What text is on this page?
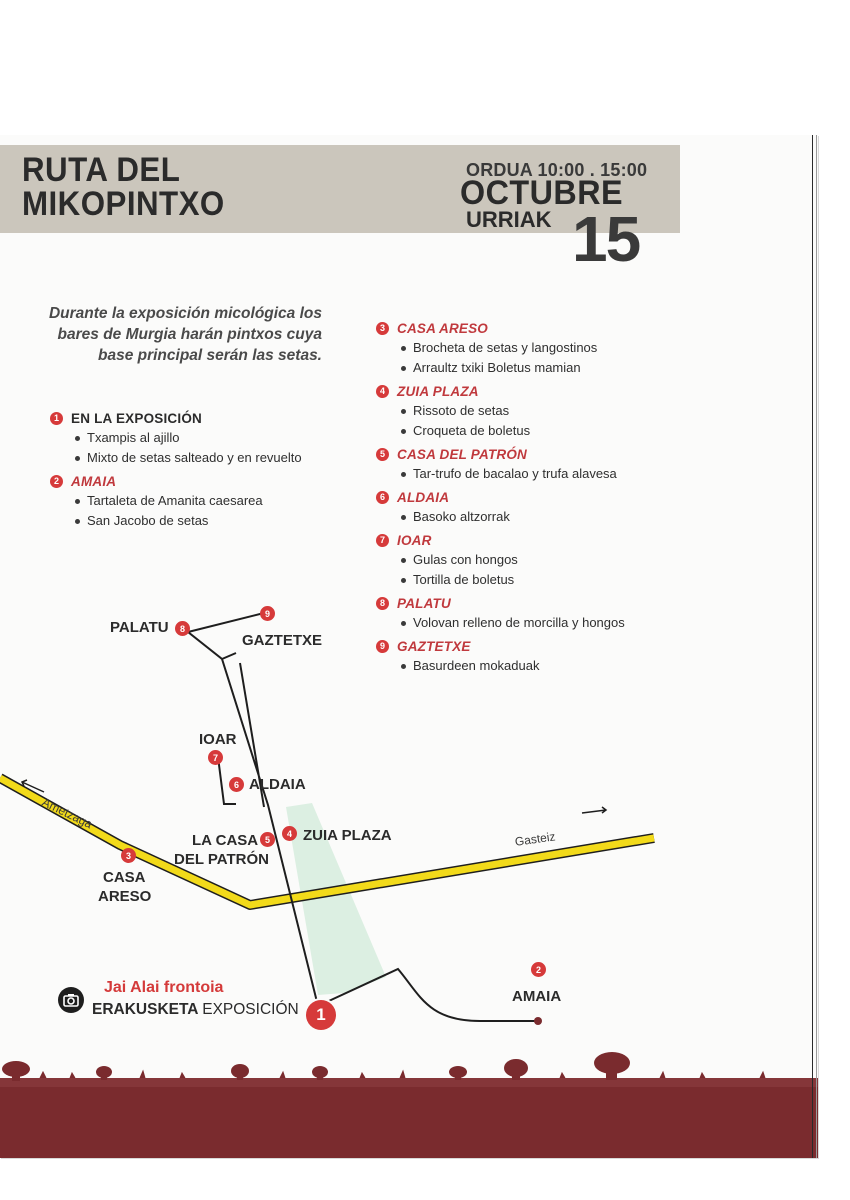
RUTA DEL
MIKOPINTXO
ORDUA 10:00 . 15:00
OCTUBRE
URRIAK 15

Durante la exposición micológica los bares de Murgia harán pintxos cuya base principal serán las setas.

1 EN LA EXPOSICIÓN
Txampis al ajillo
Mixto de setas salteado y en revuelto
2 AMAIA
Tartaleta de Amanita caesarea
San Jacobo de setas
3 CASA ARESO
Brocheta de setas y langostinos
Arraultz txiki Boletus mamian
4 ZUIA PLAZA
Rissoto de setas
Croqueta de boletus
5 CASA DEL PATRÓN
Tar-trufo de bacalao y trufa alavesa
6 ALDAIA
Basoko altzorrak
7 IOAR
Gulas con hongos
Tortilla de boletus
8 PALATU
Volovan relleno de morcilla y hongos
9 GAZTETXE
Basurdeen mokaduak
8
9
7
6
5
4
3
2
1
PALATU
GAZTETXE
IOAR
ALDAIA
LA CASA
DEL PATRÓN
ZUIA PLAZA
CASA
ARESO
AMAIA
Ametzaga
Gasteiz
Jai Alai frontoia
ERAKUSKETA EXPOSICIÓN
